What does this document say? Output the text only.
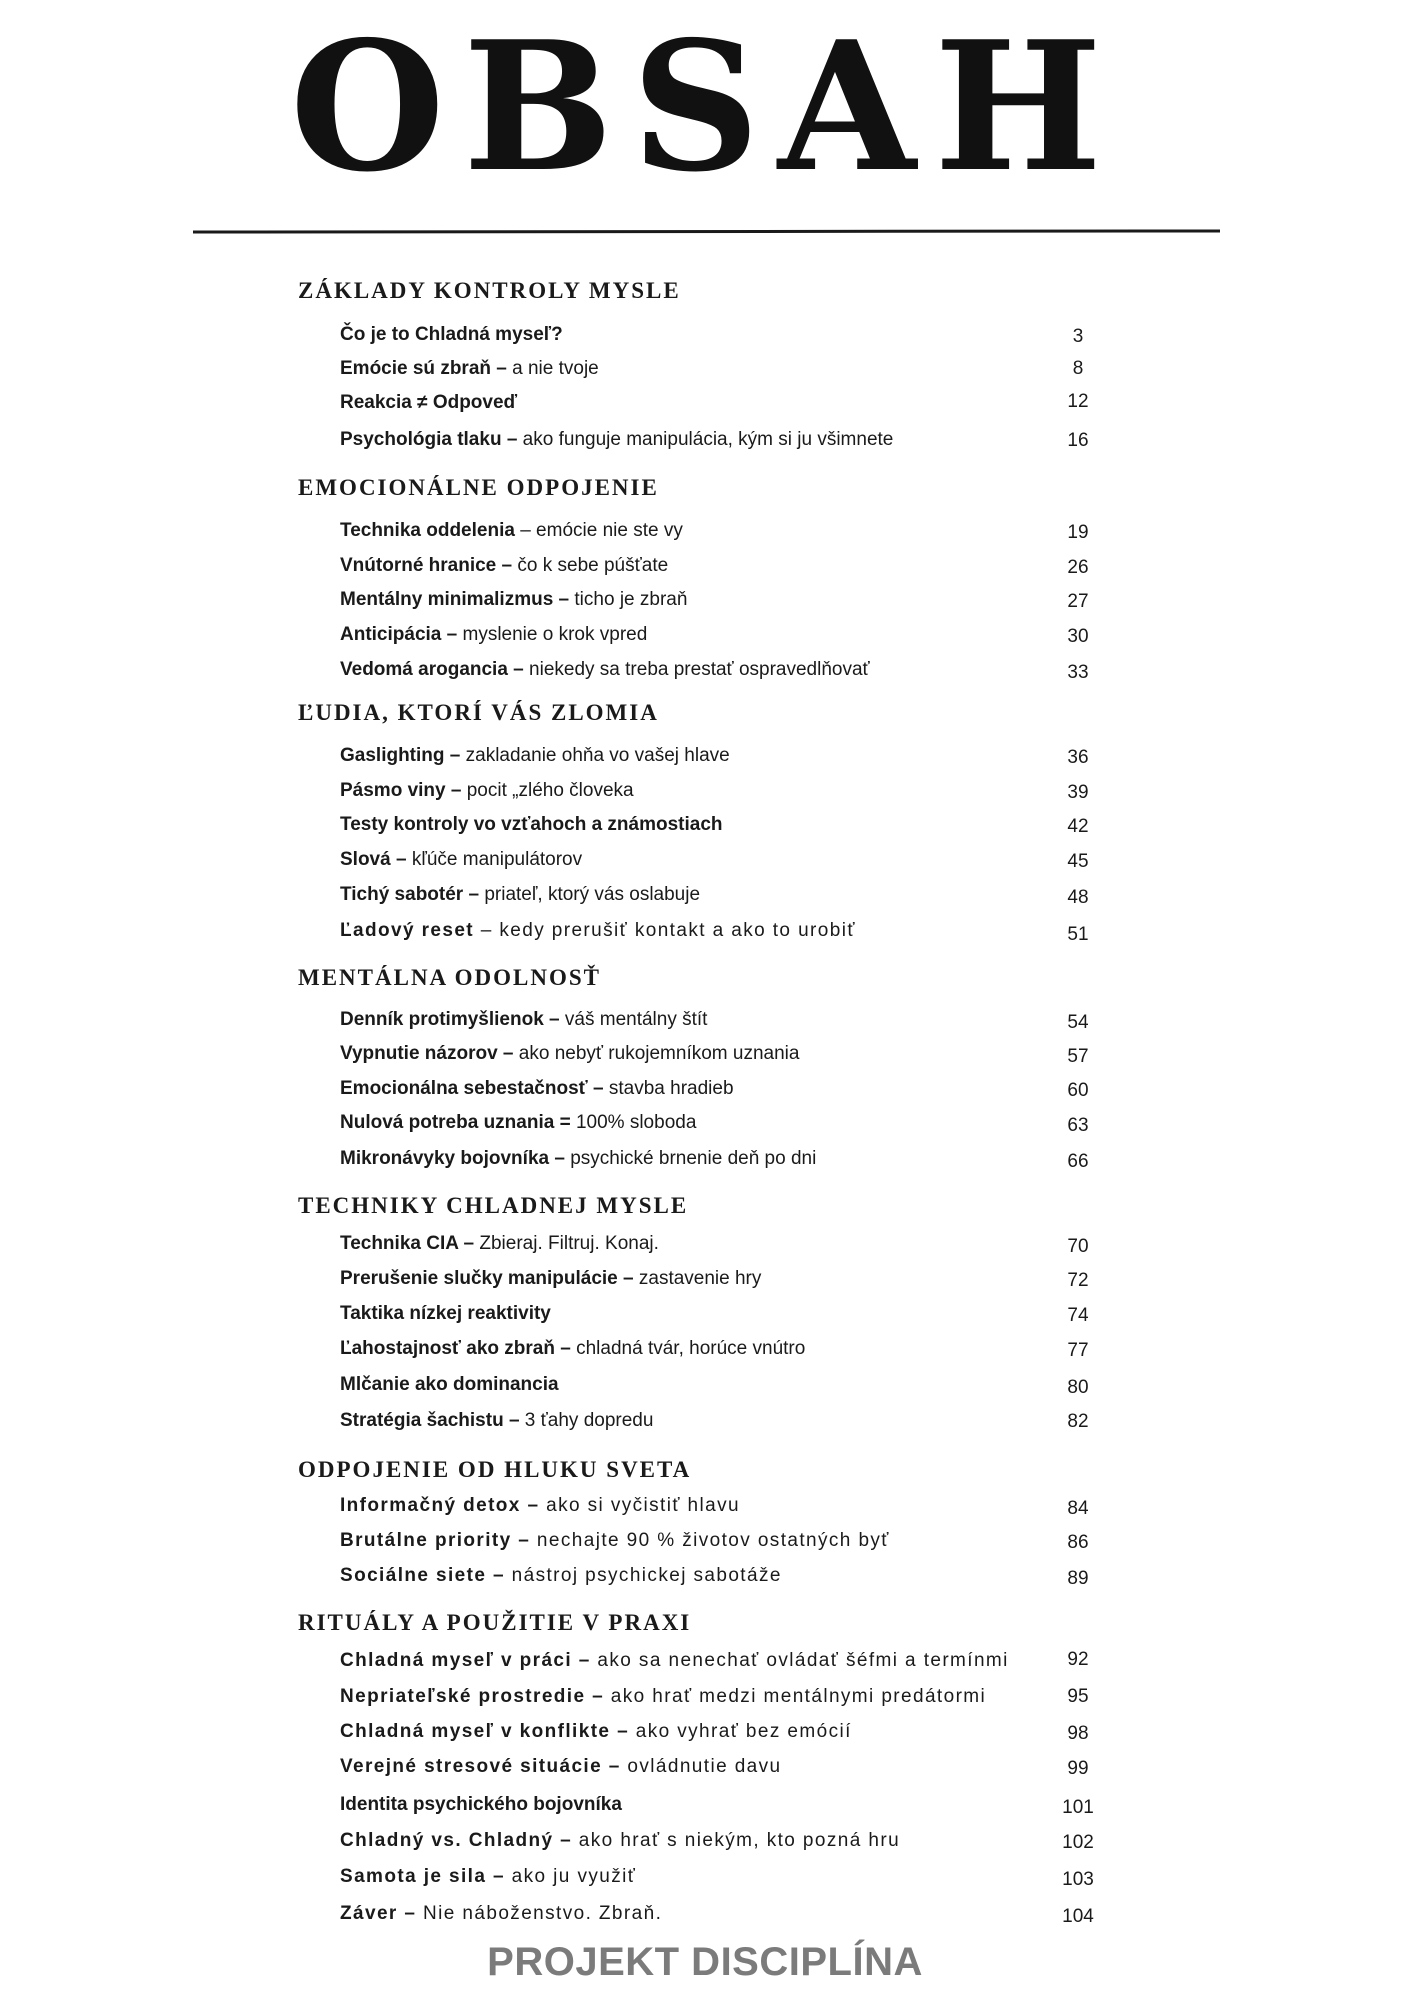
OBSAH
ZÁKLADY KONTROLY MYSLE
Čo je to Chladná myseľ?	3
Emócie sú zbraň – a nie tvoje	8
Reakcia ≠ Odpoveď	12
Psychológia tlaku – ako funguje manipulácia, kým si ju všimnete	16
EMOCIONÁLNE ODPOJENIE
Technika oddelenia – emócie nie ste vy	19
Vnútorné hranice – čo k sebe púšťate	26
Mentálny minimalizmus – ticho je zbraň	27
Anticipácia – myslenie o krok vpred	30
Vedomá arogancia – niekedy sa treba prestať ospravedlňovať	33
ĽUDIA, KTORÍ VÁS ZLOMIA
Gaslighting – zakladanie ohňa vo vašej hlave	36
Pásmo viny – pocit „zlého človeka	39
Testy kontroly vo vzťahoch a známostiach	42
Slová – kľúče manipulátorov	45
Tichý sabotér – priateľ, ktorý vás oslabuje	48
Ľadový reset – kedy prerušiť kontakt a ako to urobiť	51
MENTÁLNA ODOLNOSŤ
Denník protimyšlienok – váš mentálny štít	54
Vypnutie názorov – ako nebyť rukojemníkom uznania	57
Emocionálna sebestačnosť – stavba hradieb	60
Nulová potreba uznania = 100% sloboda	63
Mikronávyky bojovníka – psychické brnenie deň po dni	66
TECHNIKY CHLADNEJ MYSLE
Technika CIA – Zbieraj. Filtruj. Konaj.	70
Prerušenie slučky manipulácie – zastavenie hry	72
Taktika nízkej reaktivity	74
Ľahostajnosť ako zbraň – chladná tvár, horúce vnútro	77
Mlčanie ako dominancia	80
Stratégia šachistu – 3 ťahy dopredu	82
ODPOJENIE OD HLUKU SVETA
Informačný detox – ako si vyčistiť hlavu	84
Brutálne priority – nechajte 90 % životov ostatných byť	86
Sociálne siete – nástroj psychickej sabotáže	89
RITUÁLY A POUŽITIE V PRAXI
Chladná myseľ v práci – ako sa nenechať ovládať šéfmi a termínmi	92
Nepriateľské prostredie – ako hrať medzi mentálnymi predátormi	95
Chladná myseľ v konflikte – ako vyhrať bez emócií	98
Verejné stresové situácie – ovládnutie davu	99
Identita psychického bojovníka	101
Chladný vs. Chladný – ako hrať s niekým, kto pozná hru	102
Samota je sila – ako ju využiť	103
Záver – Nie náboženstvo. Zbraň.	104
PROJEKT DISCIPLÍNA
